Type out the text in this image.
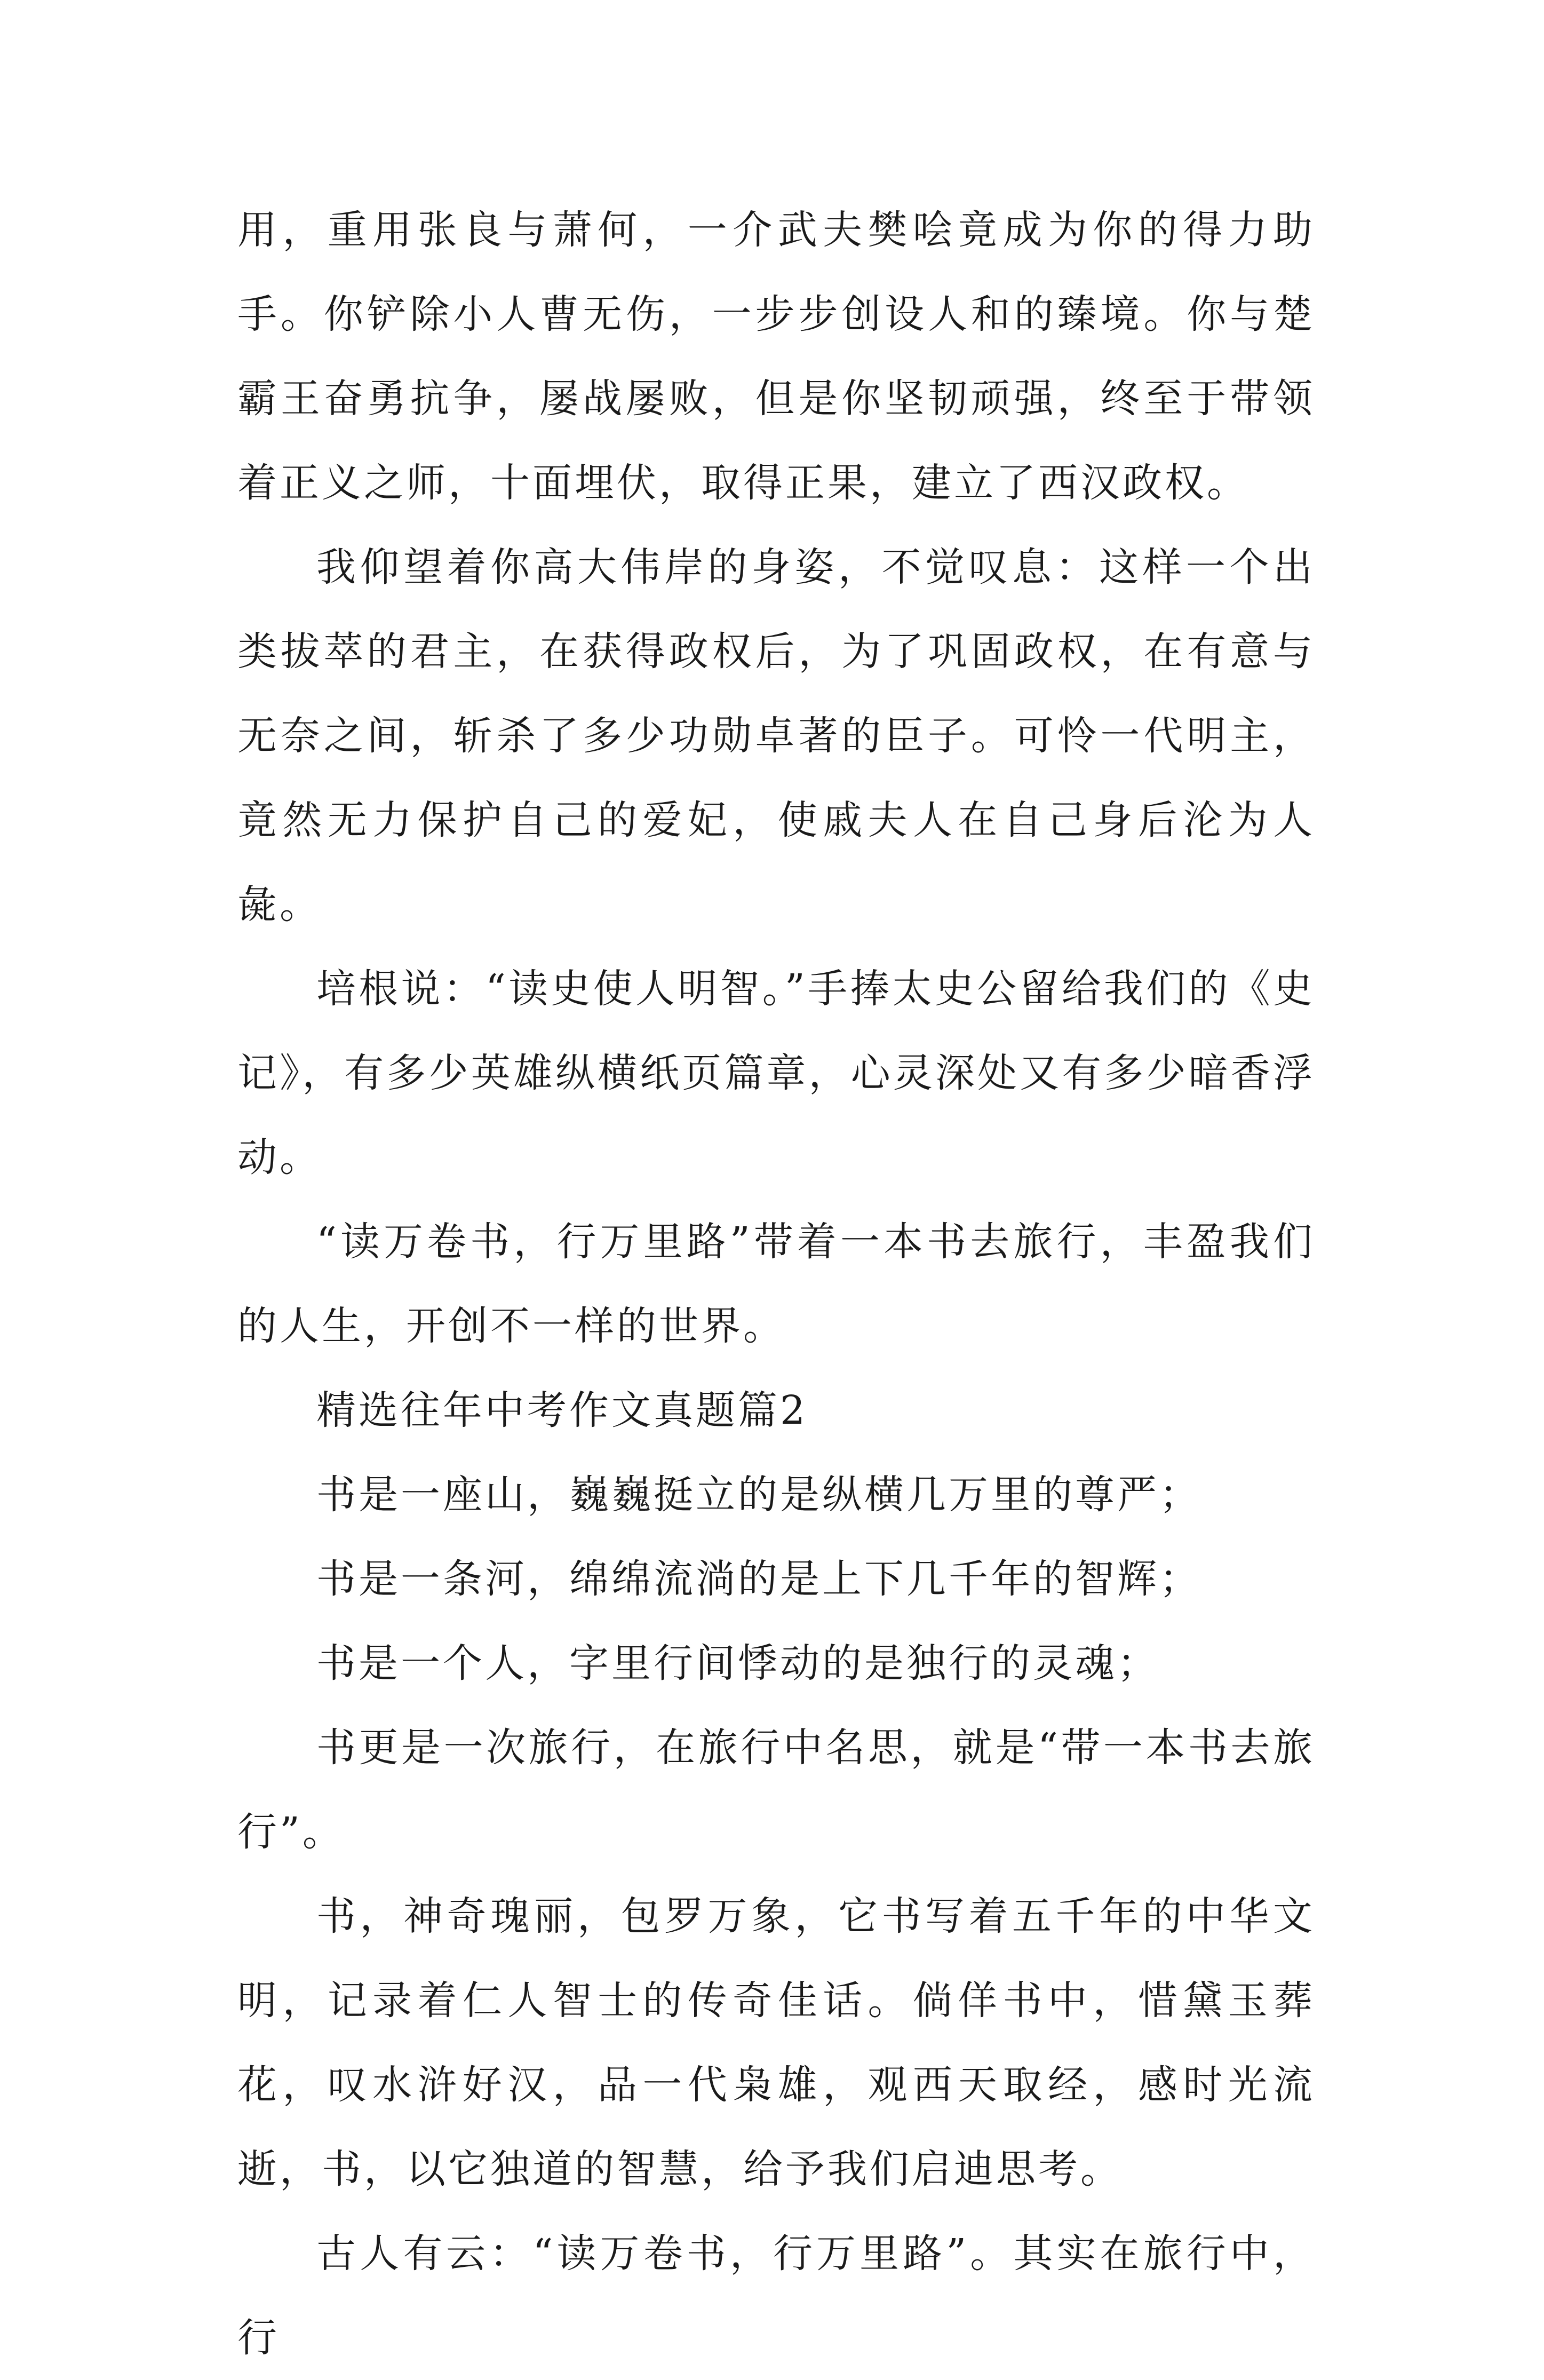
用，重用张良与萧何，一介武夫樊哙竟成为你的得力助手。你铲除小人曹无伤，一步步创设人和的臻境。你与楚霸王奋勇抗争，屡战屡败，但是你坚韧顽强，终至于带领着正义之师，十面埋伏，取得正果，建立了西汉政权。

我仰望着你高大伟岸的身姿，不觉叹息：这样一个出类拔萃的君主，在获得政权后，为了巩固政权，在有意与无奈之间，斩杀了多少功勋卓著的臣子。可怜一代明主，竟然无力保护自己的爱妃，使戚夫人在自己身后沦为人彘。

培根说：“读史使人明智。”手捧太史公留给我们的《史记》，有多少英雄纵横纸页篇章，心灵深处又有多少暗香浮动。

“读万卷书，行万里路”带着一本书去旅行，丰盈我们的人生，开创不一样的世界。

精选往年中考作文真题篇2

书是一座山，巍巍挺立的是纵横几万里的尊严；

书是一条河，绵绵流淌的是上下几千年的智辉；

书是一个人，字里行间悸动的是独行的灵魂；

书更是一次旅行，在旅行中名思，就是“带一本书去旅行”。

书，神奇瑰丽，包罗万象，它书写着五千年的中华文明，记录着仁人智士的传奇佳话。倘佯书中，惜黛玉葬花，叹水浒好汉，品一代枭雄，观西天取经，感时光流逝，书，以它独道的智慧，给予我们启迪思考。

古人有云：“读万卷书，行万里路”。其实在旅行中，行
